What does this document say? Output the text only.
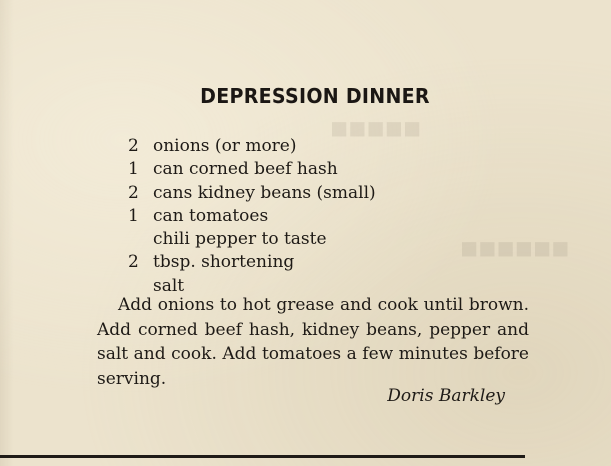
◼◼◼◼◼
◼◼◼◼◼◼
DEPRESSION DINNER
2 onions (or more)
1 can corned beef hash
2 cans kidney beans (small)
1 can tomatoes
chili pepper to taste
2 tbsp. shortening
salt

Add onions to hot grease and cook until brown. Add corned beef hash, kidney beans, pepper and salt and cook. Add tomatoes a few minutes before serving.

Doris Barkley
